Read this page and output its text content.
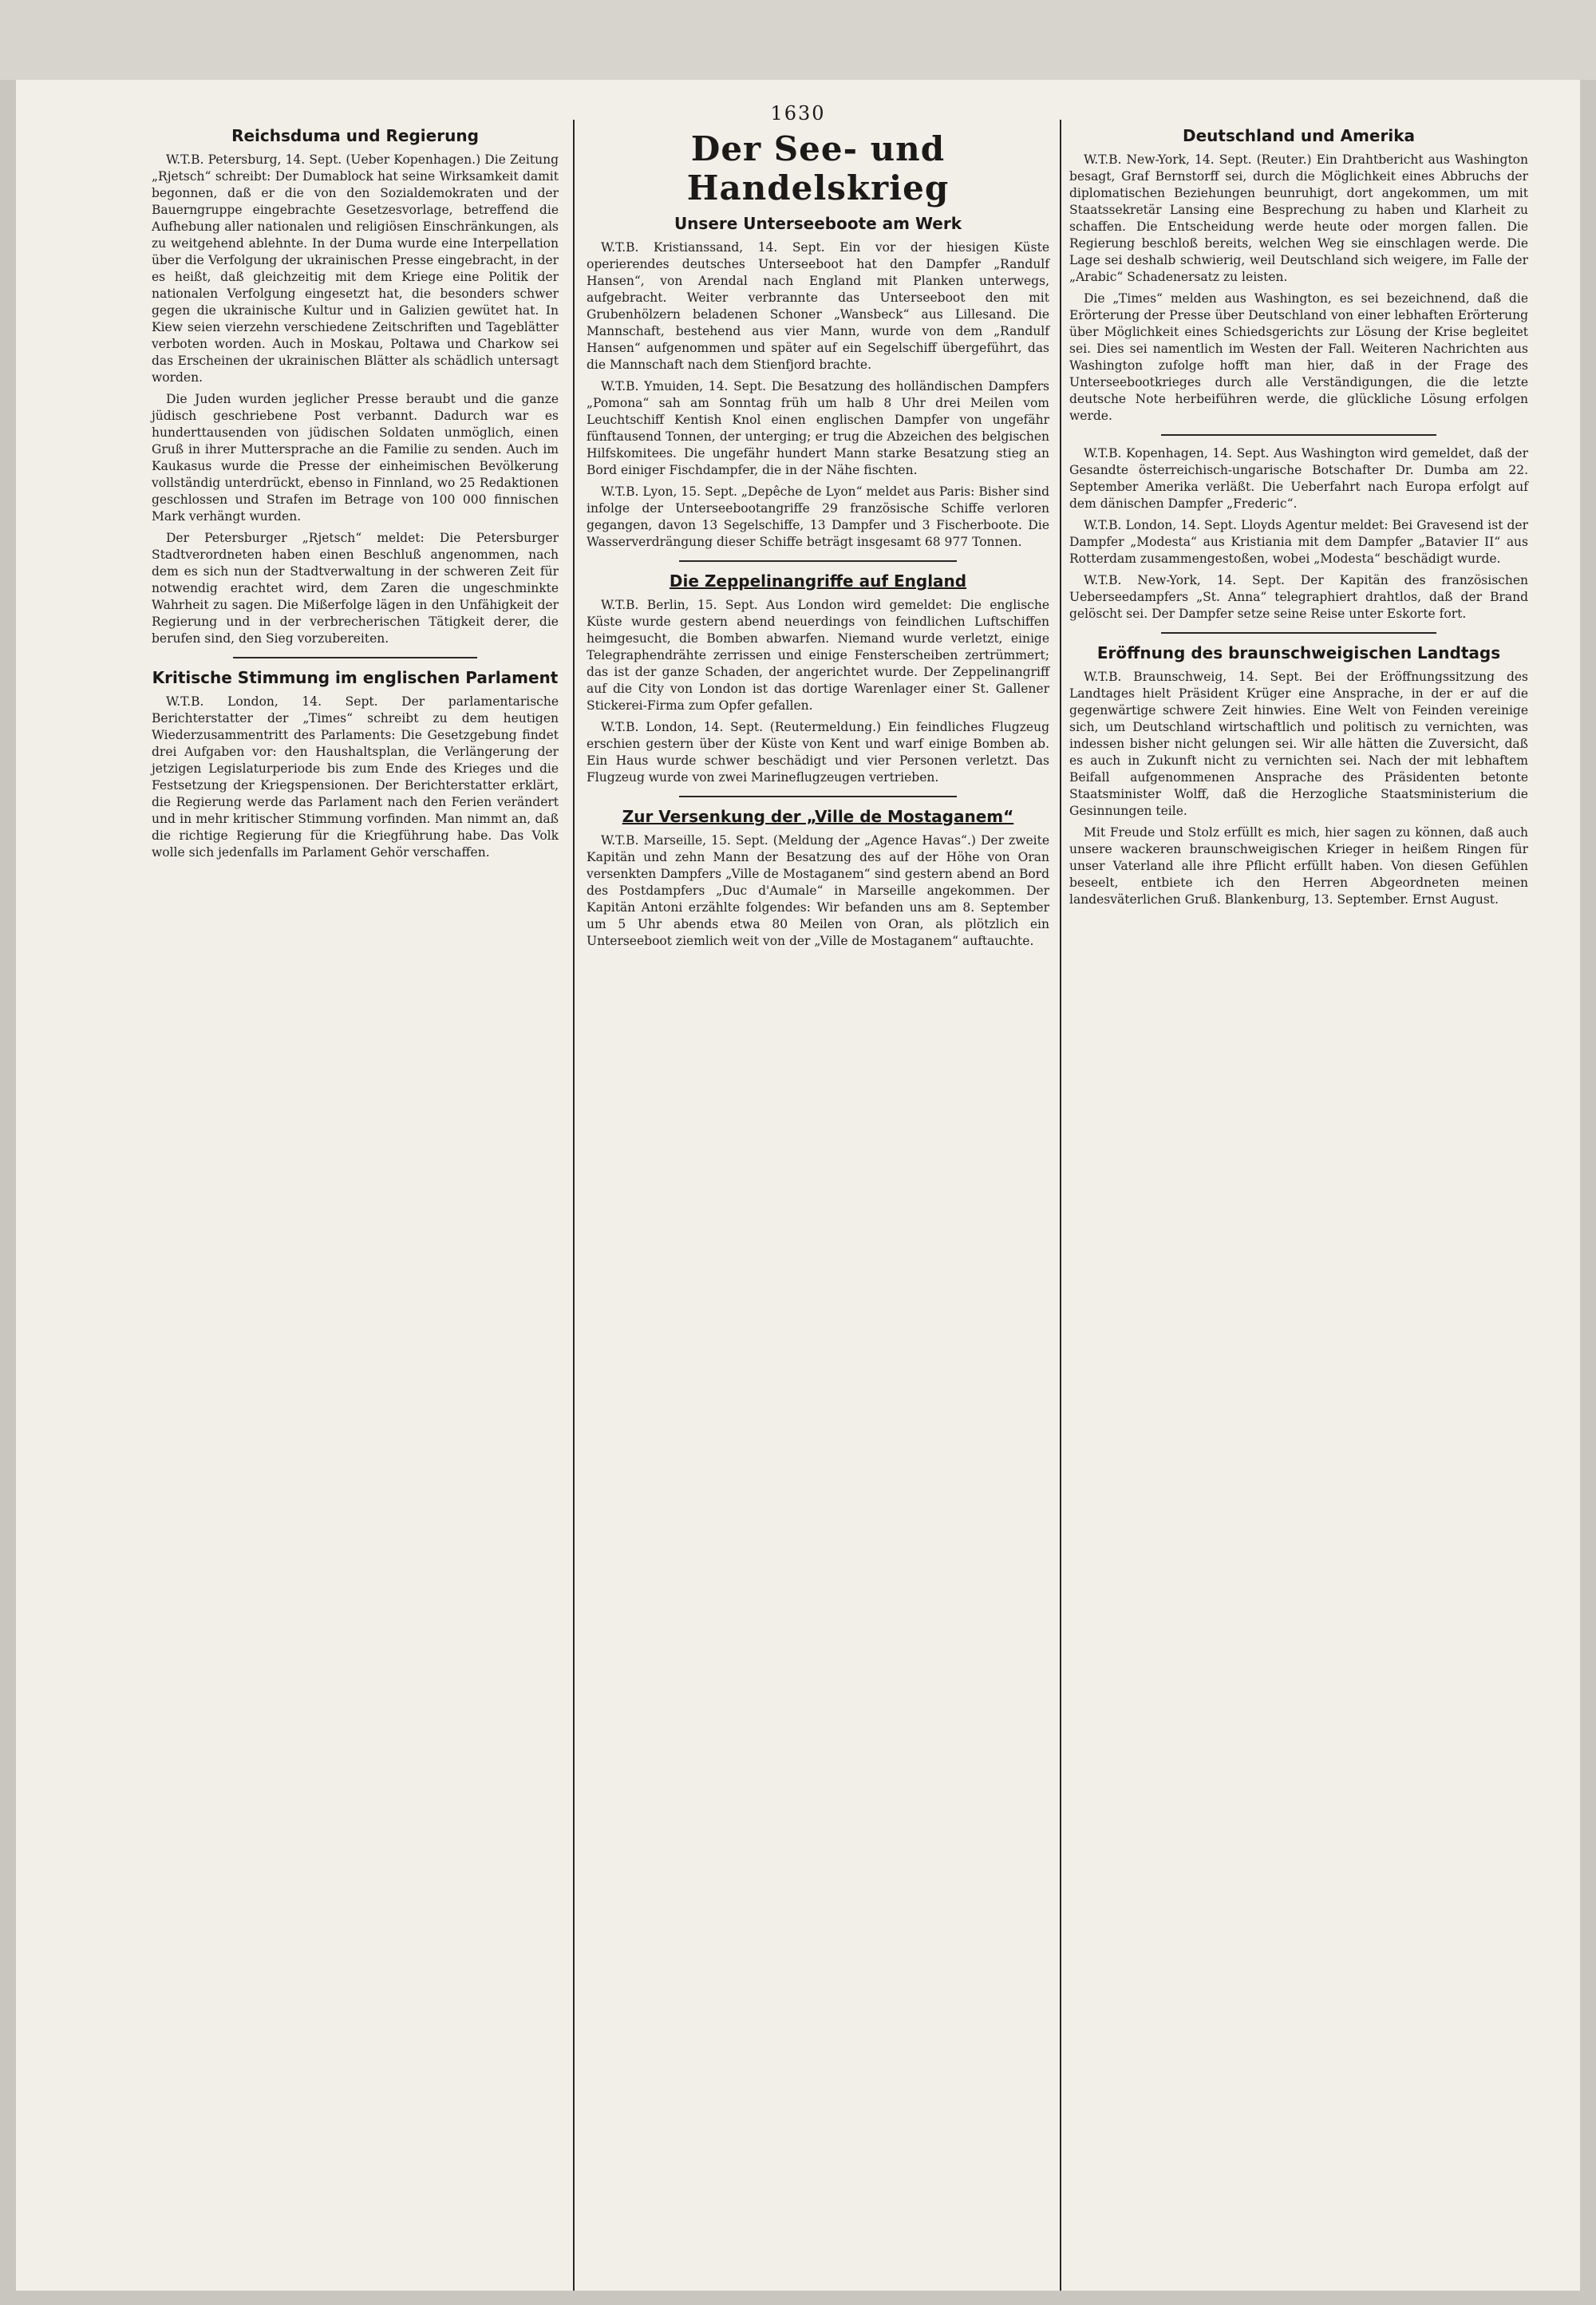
1630
Reichsduma und Regierung

W.T.B. Petersburg, 14. Sept. (Ueber Kopenhagen.) Die Zeitung „Rjetsch“ schreibt: Der Dumablock hat seine Wirksamkeit damit begonnen, daß er die von den Sozialdemokraten und der Bauerngruppe eingebrachte Gesetzesvorlage, betreffend die Aufhebung aller nationalen und religiösen Einschränkungen, als zu weitgehend ablehnte. In der Duma wurde eine Interpellation über die Verfolgung der ukrainischen Presse eingebracht, in der es heißt, daß gleichzeitig mit dem Kriege eine Politik der nationalen Verfolgung eingesetzt hat, die besonders schwer gegen die ukrainische Kultur und in Galizien gewütet hat. In Kiew seien vierzehn verschiedene Zeitschriften und Tageblätter verboten worden. Auch in Moskau, Poltawa und Charkow sei das Erscheinen der ukrainischen Blätter als schädlich untersagt worden.

Die Juden wurden jeglicher Presse beraubt und die ganze jüdisch geschriebene Post verbannt. Dadurch war es hunderttausenden von jüdischen Soldaten unmöglich, einen Gruß in ihrer Muttersprache an die Familie zu senden. Auch im Kaukasus wurde die Presse der einheimischen Bevölkerung vollständig unterdrückt, ebenso in Finnland, wo 25 Redaktionen geschlossen und Strafen im Betrage von 100 000 finnischen Mark verhängt wurden.

Der Petersburger „Rjetsch“ meldet: Die Petersburger Stadtverordneten haben einen Beschluß angenommen, nach dem es sich nun der Stadtverwaltung in der schweren Zeit für notwendig erachtet wird, dem Zaren die ungeschminkte Wahrheit zu sagen. Die Mißerfolge lägen in den Unfähigkeit der Regierung und in der verbrecherischen Tätigkeit derer, die berufen sind, den Sieg vorzubereiten.

Kritische Stimmung im englischen Parlament

W.T.B. London, 14. Sept. Der parlamentarische Berichterstatter der „Times“ schreibt zu dem heutigen Wiederzusammentritt des Parlaments: Die Gesetzgebung findet drei Aufgaben vor: den Haushaltsplan, die Verlängerung der jetzigen Legislaturperiode bis zum Ende des Krieges und die Festsetzung der Kriegspensionen. Der Berichterstatter erklärt, die Regierung werde das Parlament nach den Ferien verändert und in mehr kritischer Stimmung vorfinden. Man nimmt an, daß die richtige Regierung für die Kriegführung habe. Das Volk wolle sich jedenfalls im Parlament Gehör verschaffen.

Der See- und Handelskrieg
Unsere Unterseeboote am Werk

W.T.B. Kristianssand, 14. Sept. Ein vor der hiesigen Küste operierendes deutsches Unterseeboot hat den Dampfer „Randulf Hansen“, von Arendal nach England mit Planken unterwegs, aufgebracht. Weiter verbrannte das Unterseeboot den mit Grubenhölzern beladenen Schoner „Wansbeck“ aus Lillesand. Die Mannschaft, bestehend aus vier Mann, wurde von dem „Randulf Hansen“ aufgenommen und später auf ein Segelschiff übergeführt, das die Mannschaft nach dem Stienfjord brachte.

W.T.B. Ymuiden, 14. Sept. Die Besatzung des holländischen Dampfers „Pomona“ sah am Sonntag früh um halb 8 Uhr drei Meilen vom Leuchtschiff Kentish Knol einen englischen Dampfer von ungefähr fünftausend Tonnen, der unterging; er trug die Abzeichen des belgischen Hilfskomitees. Die ungefähr hundert Mann starke Besatzung stieg an Bord einiger Fischdampfer, die in der Nähe fischten.

W.T.B. Lyon, 15. Sept. „Depêche de Lyon“ meldet aus Paris: Bisher sind infolge der Unterseebootangriffe 29 französische Schiffe verloren gegangen, davon 13 Segelschiffe, 13 Dampfer und 3 Fischerboote. Die Wasserverdrängung dieser Schiffe beträgt insgesamt 68 977 Tonnen.

Die Zeppelinangriffe auf England

W.T.B. Berlin, 15. Sept. Aus London wird gemeldet: Die englische Küste wurde gestern abend neuerdings von feindlichen Luftschiffen heimgesucht, die Bomben abwarfen. Niemand wurde verletzt, einige Telegraphendrähte zerrissen und einige Fensterscheiben zertrümmert; das ist der ganze Schaden, der angerichtet wurde. Der Zeppelinangriff auf die City von London ist das dortige Warenlager einer St. Gallener Stickerei-Firma zum Opfer gefallen.

W.T.B. London, 14. Sept. (Reutermeldung.) Ein feindliches Flugzeug erschien gestern über der Küste von Kent und warf einige Bomben ab. Ein Haus wurde schwer beschädigt und vier Personen verletzt. Das Flugzeug wurde von zwei Marineflugzeugen vertrieben.

Zur Versenkung der „Ville de Mostaganem“

W.T.B. Marseille, 15. Sept. (Meldung der „Agence Havas“.) Der zweite Kapitän und zehn Mann der Besatzung des auf der Höhe von Oran versenkten Dampfers „Ville de Mostaganem“ sind gestern abend an Bord des Postdampfers „Duc d'Aumale“ in Marseille angekommen. Der Kapitän Antoni erzählte folgendes: Wir befanden uns am 8. September um 5 Uhr abends etwa 80 Meilen von Oran, als plötzlich ein Unterseeboot ziemlich weit von der „Ville de Mostaganem“ auftauchte.

Deutschland und Amerika

W.T.B. New-York, 14. Sept. (Reuter.) Ein Drahtbericht aus Washington besagt, Graf Bernstorff sei, durch die Möglichkeit eines Abbruchs der diplomatischen Beziehungen beunruhigt, dort angekommen, um mit Staatssekretär Lansing eine Besprechung zu haben und Klarheit zu schaffen. Die Entscheidung werde heute oder morgen fallen. Die Regierung beschloß bereits, welchen Weg sie einschlagen werde. Die Lage sei deshalb schwierig, weil Deutschland sich weigere, im Falle der „Arabic“ Schadenersatz zu leisten.

Die „Times“ melden aus Washington, es sei bezeichnend, daß die Erörterung der Presse über Deutschland von einer lebhaften Erörterung über Möglichkeit eines Schiedsgerichts zur Lösung der Krise begleitet sei. Dies sei namentlich im Westen der Fall. Weiteren Nachrichten aus Washington zufolge hofft man hier, daß in der Frage des Unterseebootkrieges durch alle Verständigungen, die die letzte deutsche Note herbeiführen werde, die glückliche Lösung erfolgen werde.

W.T.B. Kopenhagen, 14. Sept. Aus Washington wird gemeldet, daß der Gesandte österreichisch-ungarische Botschafter Dr. Dumba am 22. September Amerika verläßt. Die Ueberfahrt nach Europa erfolgt auf dem dänischen Dampfer „Frederic“.

W.T.B. London, 14. Sept. Lloyds Agentur meldet: Bei Gravesend ist der Dampfer „Modesta“ aus Kristiania mit dem Dampfer „Batavier II“ aus Rotterdam zusammengestoßen, wobei „Modesta“ beschädigt wurde.

W.T.B. New-York, 14. Sept. Der Kapitän des französischen Ueberseedampfers „St. Anna“ telegraphiert drahtlos, daß der Brand gelöscht sei. Der Dampfer setze seine Reise unter Eskorte fort.

Eröffnung des braunschweigischen Landtags

W.T.B. Braunschweig, 14. Sept. Bei der Eröffnungssitzung des Landtages hielt Präsident Krüger eine Ansprache, in der er auf die gegenwärtige schwere Zeit hinwies. Eine Welt von Feinden vereinige sich, um Deutschland wirtschaftlich und politisch zu vernichten, was indessen bisher nicht gelungen sei. Wir alle hätten die Zuversicht, daß es auch in Zukunft nicht zu vernichten sei. Nach der mit lebhaftem Beifall aufgenommenen Ansprache des Präsidenten betonte Staatsminister Wolff, daß die Herzogliche Staatsministerium die Gesinnungen teile.

Mit Freude und Stolz erfüllt es mich, hier sagen zu können, daß auch unsere wackeren braunschweigischen Krieger in heißem Ringen für unser Vaterland alle ihre Pflicht erfüllt haben. Von diesen Gefühlen beseelt, entbiete ich den Herren Abgeordneten meinen landesväterlichen Gruß. Blankenburg, 13. September. Ernst August.
